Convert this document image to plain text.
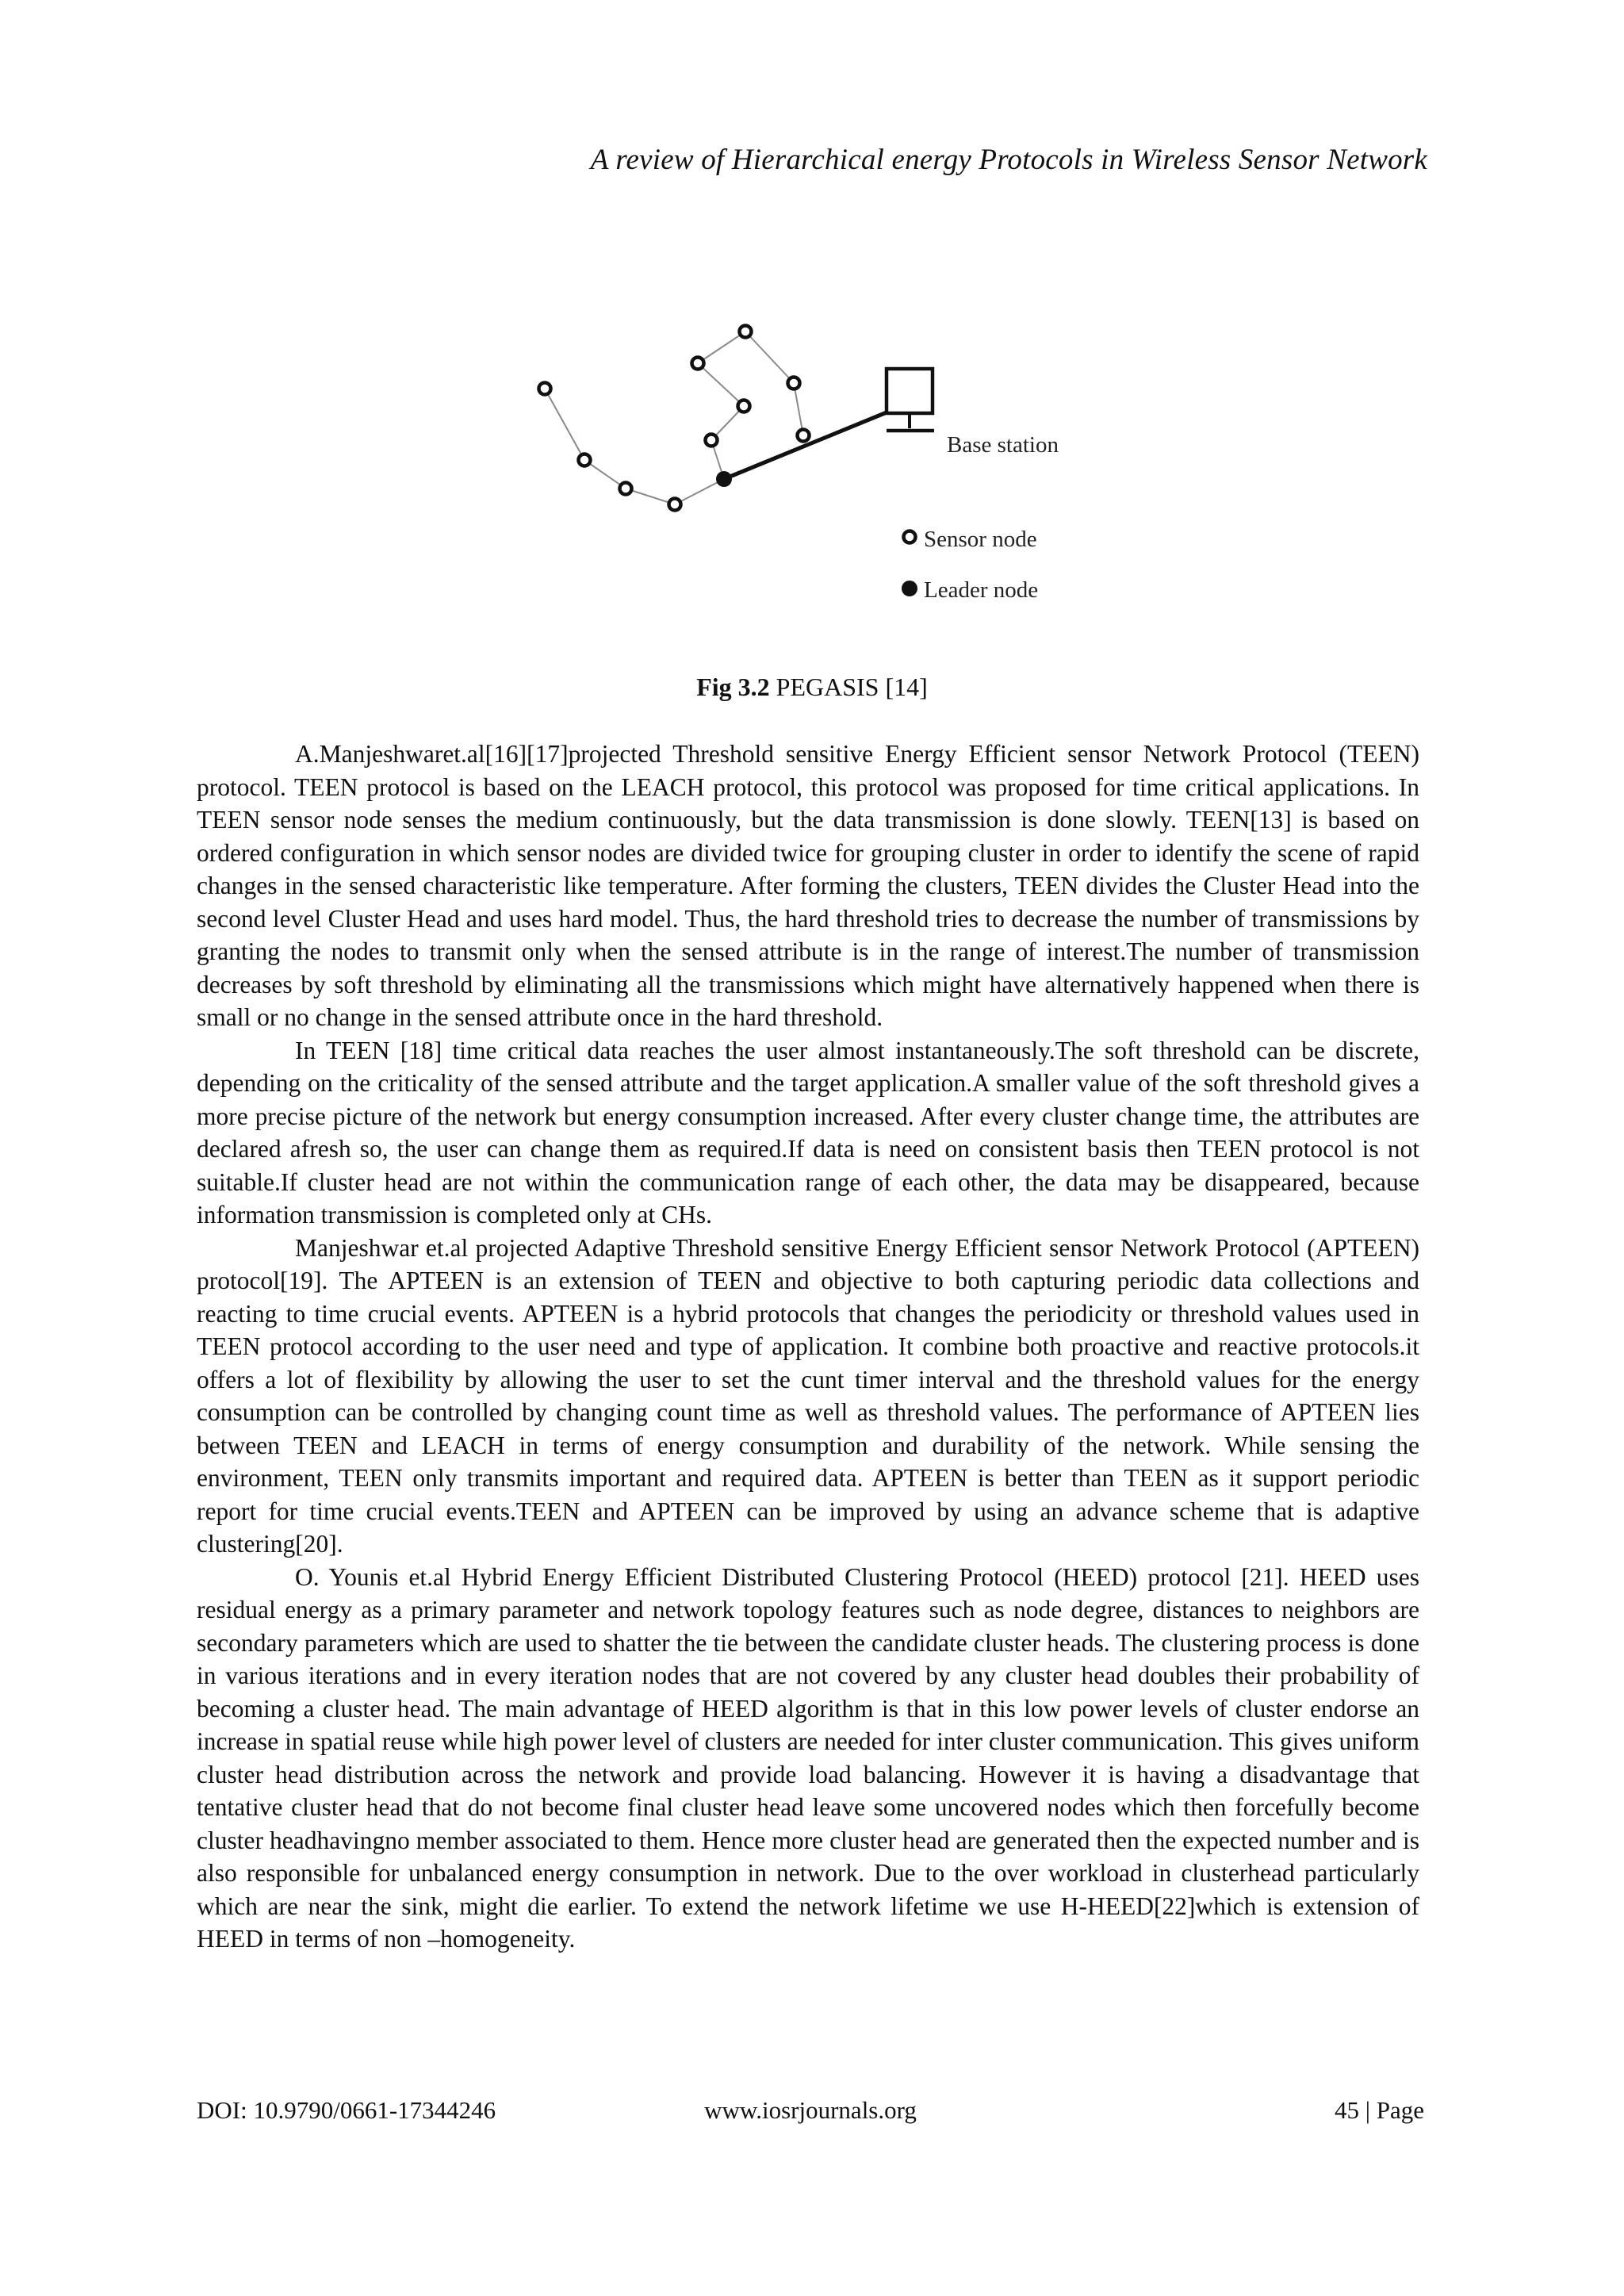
A review of Hierarchical energy Protocols in Wireless Sensor Network
Base station
Sensor node
Leader node
Fig 3.2 PEGASIS [14]

A.Manjeshwaret.al[16][17]projected Threshold sensitive Energy Efficient sensor Network Protocol (TEEN) protocol. TEEN protocol is based on the LEACH protocol, this protocol was proposed for time critical applications. In TEEN sensor node senses the medium continuously, but the data transmission is done slowly. TEEN[13] is based on ordered configuration in which sensor nodes are divided twice for grouping cluster in order to identify the scene of rapid changes in the sensed characteristic like temperature. After forming the clusters, TEEN divides the Cluster Head into the second level Cluster Head and uses hard model. Thus, the hard threshold tries to decrease the number of transmissions by granting the nodes to transmit only when the sensed attribute is in the range of interest.The number of transmission decreases by soft threshold by eliminating all the transmissions which might have alternatively happened when there is small or no change in the sensed attribute once in the hard threshold.

In TEEN [18] time critical data reaches the user almost instantaneously.The soft threshold can be discrete, depending on the criticality of the sensed attribute and the target application.A smaller value of the soft threshold gives a more precise picture of the network but energy consumption increased. After every cluster change time, the attributes are declared afresh so, the user can change them as required.If data is need on consistent basis then TEEN protocol is not suitable.If cluster head are not within the communication range of each other, the data may be disappeared, because information transmission is completed only at CHs.

Manjeshwar et.al projected Adaptive Threshold sensitive Energy Efficient sensor Network Protocol (APTEEN) protocol[19]. The APTEEN is an extension of TEEN and objective to both capturing periodic data collections and reacting to time crucial events. APTEEN is a hybrid protocols that changes the periodicity or threshold values used in TEEN protocol according to the user need and type of application. It combine both proactive and reactive protocols.it offers a lot of flexibility by allowing the user to set the cunt timer interval and the threshold values for the energy consumption can be controlled by changing count time as well as threshold values. The performance of APTEEN lies between TEEN and LEACH in terms of energy consumption and durability of the network. While sensing the environment, TEEN only transmits important and required data. APTEEN is better than TEEN as it support periodic report for time crucial events.TEEN and APTEEN can be improved by using an advance scheme that is adaptive clustering[20].

O. Younis et.al Hybrid Energy Efficient Distributed Clustering Protocol (HEED) protocol [21]. HEED uses residual energy as a primary parameter and network topology features such as node degree, distances to neighbors are secondary parameters which are used to shatter the tie between the candidate cluster heads. The clustering process is done in various iterations and in every iteration nodes that are not covered by any cluster head doubles their probability of becoming a cluster head. The main advantage of HEED algorithm is that in this low power levels of cluster endorse an increase in spatial reuse while high power level of clusters are needed for inter cluster communication. This gives uniform cluster head distribution across the network and provide load balancing. However it is having a disadvantage that tentative cluster head that do not become final cluster head leave some uncovered nodes which then forcefully become cluster headhavingno member associated to them. Hence more cluster head are generated then the expected number and is also responsible for unbalanced energy consumption in network. Due to the over workload in clusterhead particularly which are near the sink, might die earlier. To extend the network lifetime we use H-HEED[22]which is extension of HEED in terms of non –homogeneity.

DOI: 10.9790/0661-17344246	www.iosrjournals.org	45 | Page
